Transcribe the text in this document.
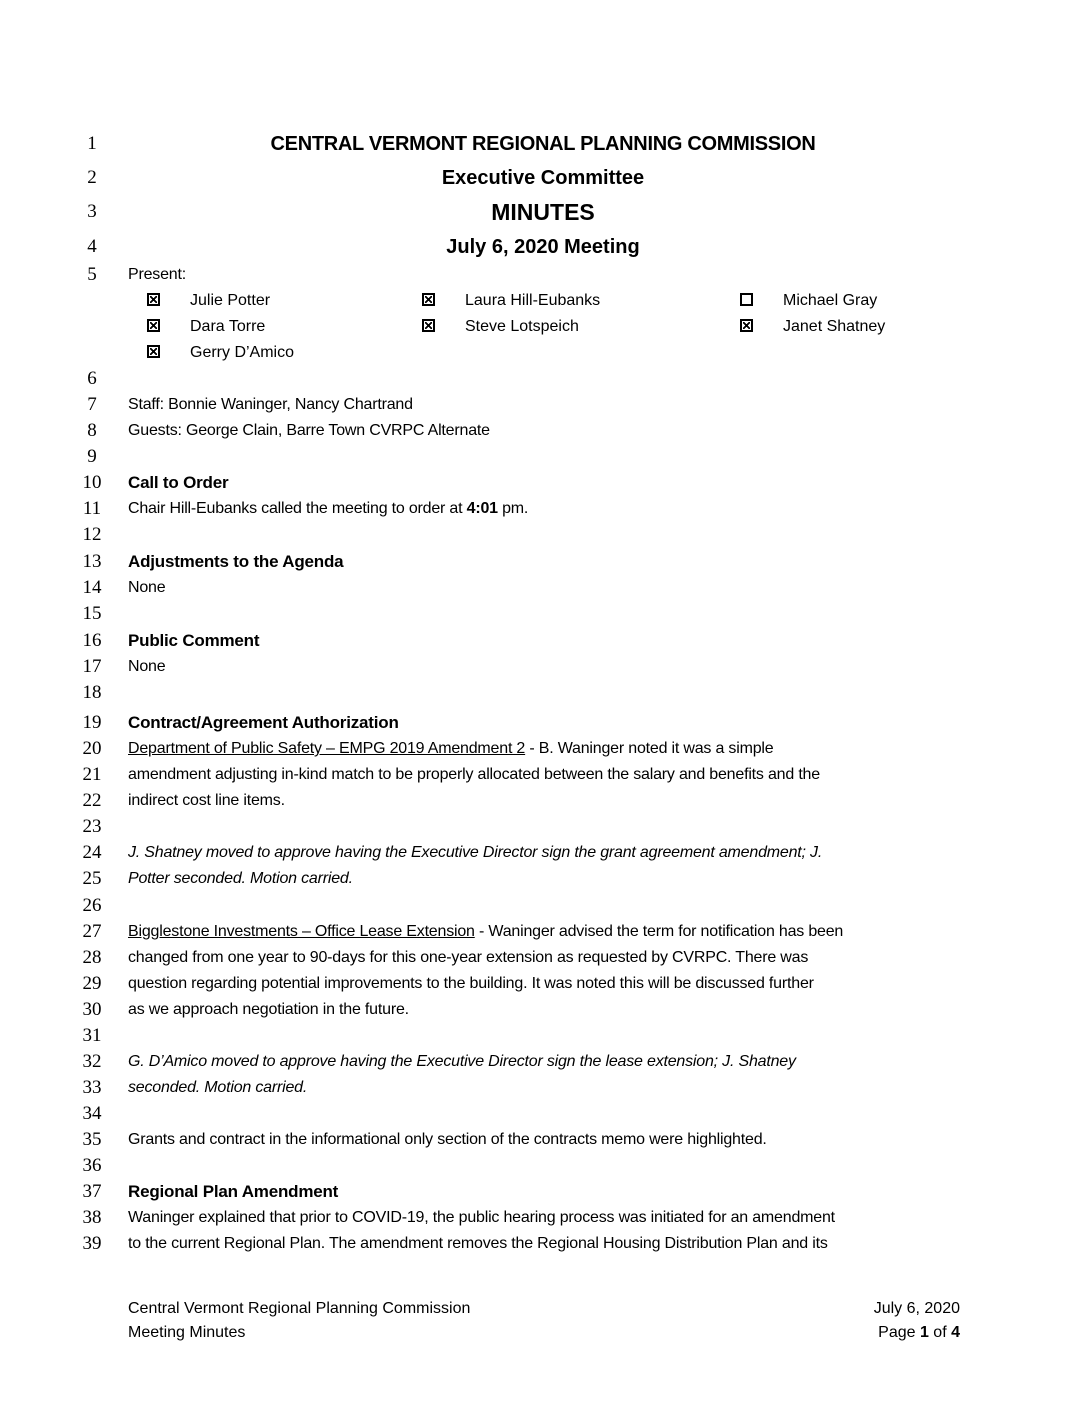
1
2
3
4
5
6
7
8
9
10
11
12
13
14
15
16
17
18
19
20
21
22
23
24
25
26
27
28
29
30
31
32
33
34
35
36
37
38
39
CENTRAL VERMONT REGIONAL PLANNING COMMISSION
Executive Committee
MINUTES
July 6, 2020 Meeting
Present:
Julie Potter	Laura Hill-Eubanks	Michael Gray
Dara Torre	Steve Lotspeich	Janet Shatney
Gerry D’Amico
Staff: Bonnie Waninger, Nancy Chartrand
Guests: George Clain, Barre Town CVRPC Alternate
Call to Order
Chair Hill-Eubanks called the meeting to order at 4:01 pm.
Adjustments to the Agenda
None
Public Comment
None
Contract/Agreement Authorization
Department of Public Safety – EMPG 2019 Amendment 2 - B. Waninger noted it was a simple
amendment adjusting in-kind match to be properly allocated between the salary and benefits and the
indirect cost line items.
J. Shatney moved to approve having the Executive Director sign the grant agreement amendment; J.
Potter seconded. Motion carried.
Bigglestone Investments – Office Lease Extension - Waninger advised the term for notification has been
changed from one year to 90-days for this one-year extension as requested by CVRPC. There was
question regarding potential improvements to the building. It was noted this will be discussed further
as we approach negotiation in the future.
G. D’Amico moved to approve having the Executive Director sign the lease extension; J. Shatney
seconded. Motion carried.
Grants and contract in the informational only section of the contracts memo were highlighted.
Regional Plan Amendment
Waninger explained that prior to COVID-19, the public hearing process was initiated for an amendment
to the current Regional Plan. The amendment removes the Regional Housing Distribution Plan and its
Central Vermont Regional Planning Commission
Meeting Minutes
July 6, 2020
Page 1 of 4
